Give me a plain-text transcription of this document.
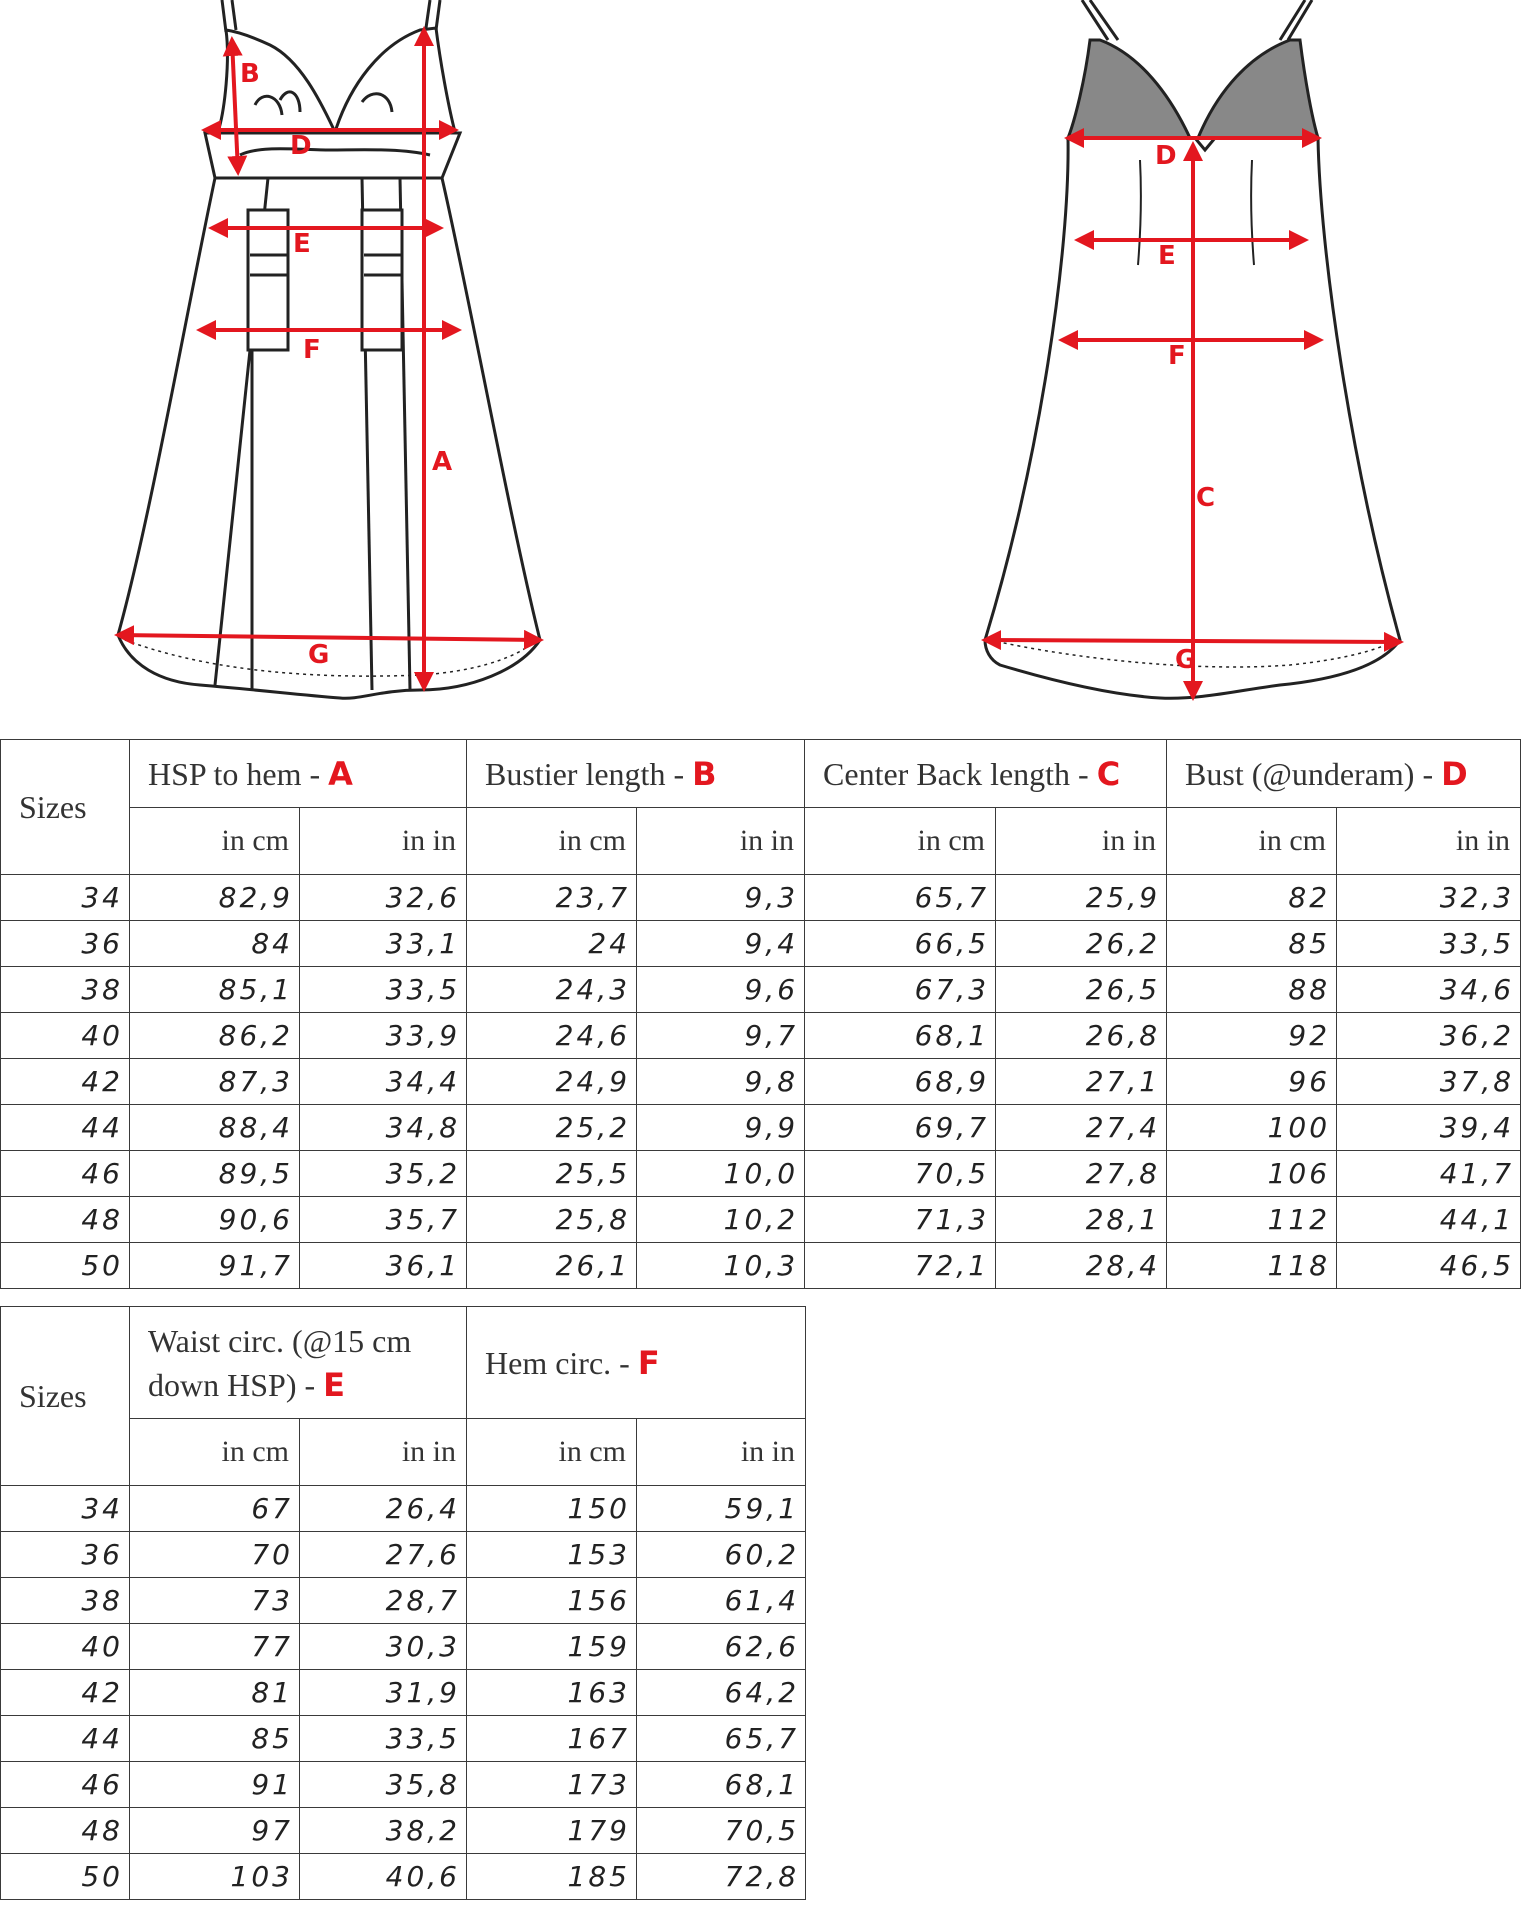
B
D
E
F
A
G
D
E
F
C
G
Sizes	HSP to hem - A		Bustier length - B		Center Back length - C		Bust (@underam) - D	
	in cm	in in	in cm	in in	in cm	in in	in cm	in in
34	82,9	32,6	23,7	9,3	65,7	25,9	82	32,3
36	84	33,1	24	9,4	66,5	26,2	85	33,5
38	85,1	33,5	24,3	9,6	67,3	26,5	88	34,6
40	86,2	33,9	24,6	9,7	68,1	26,8	92	36,2
42	87,3	34,4	24,9	9,8	68,9	27,1	96	37,8
44	88,4	34,8	25,2	9,9	69,7	27,4	100	39,4
46	89,5	35,2	25,5	10,0	70,5	27,8	106	41,7
48	90,6	35,7	25,8	10,2	71,3	28,1	112	44,1
50	91,7	36,1	26,1	10,3	72,1	28,4	118	46,5
Sizes	Waist circ. (@15 cm
down HSP) - E		Hem circ. - F	
	in cm	in in	in cm	in in
34	67	26,4	150	59,1
36	70	27,6	153	60,2
38	73	28,7	156	61,4
40	77	30,3	159	62,6
42	81	31,9	163	64,2
44	85	33,5	167	65,7
46	91	35,8	173	68,1
48	97	38,2	179	70,5
50	103	40,6	185	72,8
